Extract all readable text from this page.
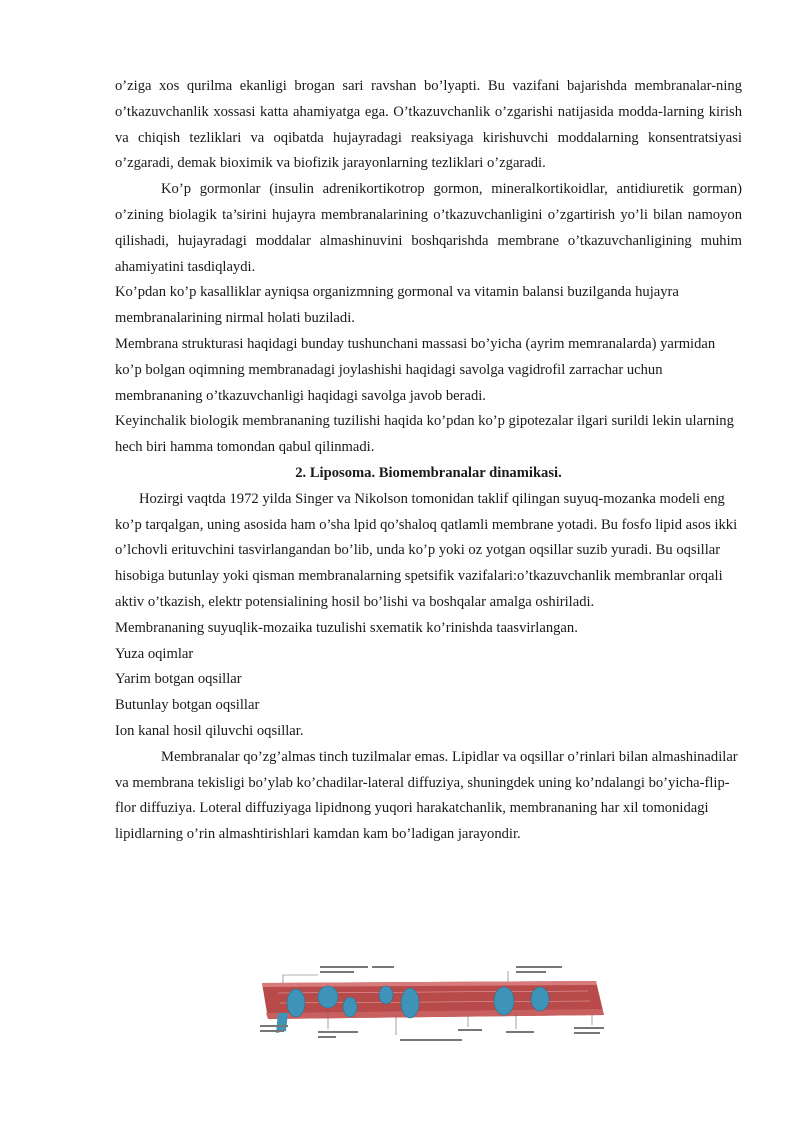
o’ziga xos qurilma ekanligi brogan sari ravshan bo’lyapti. Bu vazifani bajarishda membranalar-ning o’tkazuvchanlik xossasi katta ahamiyatga ega. O’tkazuvchanlik o’zgarishi natijasida modda-larning kirish va chiqish tezliklari va oqibatda hujayradagi reaksiyaga kirishuvchi moddalarning konsentratsiyasi o’zgaradi, demak bioximik va biofizik jarayonlarning tezliklari o’zgaradi.

Ko’p gormonlar (insulin adrenikortikotrop gormon, mineralkortikoidlar, antidiuretik gorman) o’zining biolagik ta’sirini hujayra membranalarining o’tkazuvchanligini o’zgartirish yo’li bilan namoyon qilishadi, hujayradagi moddalar almashinuvini boshqarishda membrane o’tkazuvchanligining muhim ahamiyatini tasdiqlaydi.

Ko’pdan ko’p kasalliklar ayniqsa organizmning gormonal va vitamin balansi buzilganda hujayra membranalarining nirmal holati buziladi.

Membrana strukturasi haqidagi bunday tushunchani massasi bo’yicha (ayrim memranalarda) yarmidan ko’p bolgan oqimning membranadagi joylashishi haqidagi savolga vagidrofil zarrachar uchun membrananing o’tkazuvchanligi haqidagi savolga javob beradi.

Keyinchalik biologik membrananing tuzilishi haqida ko’pdan ko’p gipotezalar ilgari surildi lekin ularning hech biri hamma tomondan qabul qilinmadi.

2. Liposoma. Biomembranalar dinamikasi.

Hozirgi vaqtda 1972 yilda Singer va Nikolson tomonidan taklif qilingan suyuq-mozanka modeli eng ko’p tarqalgan, uning asosida ham o’sha lpid qo’shaloq qatlamli membrane yotadi. Bu fosfo lipid asos ikki o’lchovli erituvchini tasvirlangandan bo’lib, unda ko’p yoki oz yotgan oqsillar suzib yuradi. Bu oqsillar hisobiga butunlay yoki qisman membranalarning spetsifik vazifalari:o’tkazuvchanlik membranlar orqali aktiv o’tkazish, elektr potensialining hosil bo’lishi va boshqalar amalga oshiriladi.

Membrananing suyuqlik-mozaika tuzulishi sxematik ko’rinishda taasvirlangan.

Yuza oqimlar

Yarim botgan oqsillar

Butunlay botgan oqsillar

Ion kanal hosil qiluvchi oqsillar.

Membranalar qo’zg’almas tinch tuzilmalar emas. Lipidlar va oqsillar o’rinlari bilan almashinadilar va membrana tekisligi bo’ylab ko’chadilar-lateral diffuziya, shuningdek uning ko’ndalangi bo’yicha-flip-flor diffuziya. Loteral diffuziyaga lipidnong yuqori harakatchanlik, membrananing har xil tomonidagi lipidlarning o’rin almashtirishlari kamdan kam bo’ladigan jarayondir.
